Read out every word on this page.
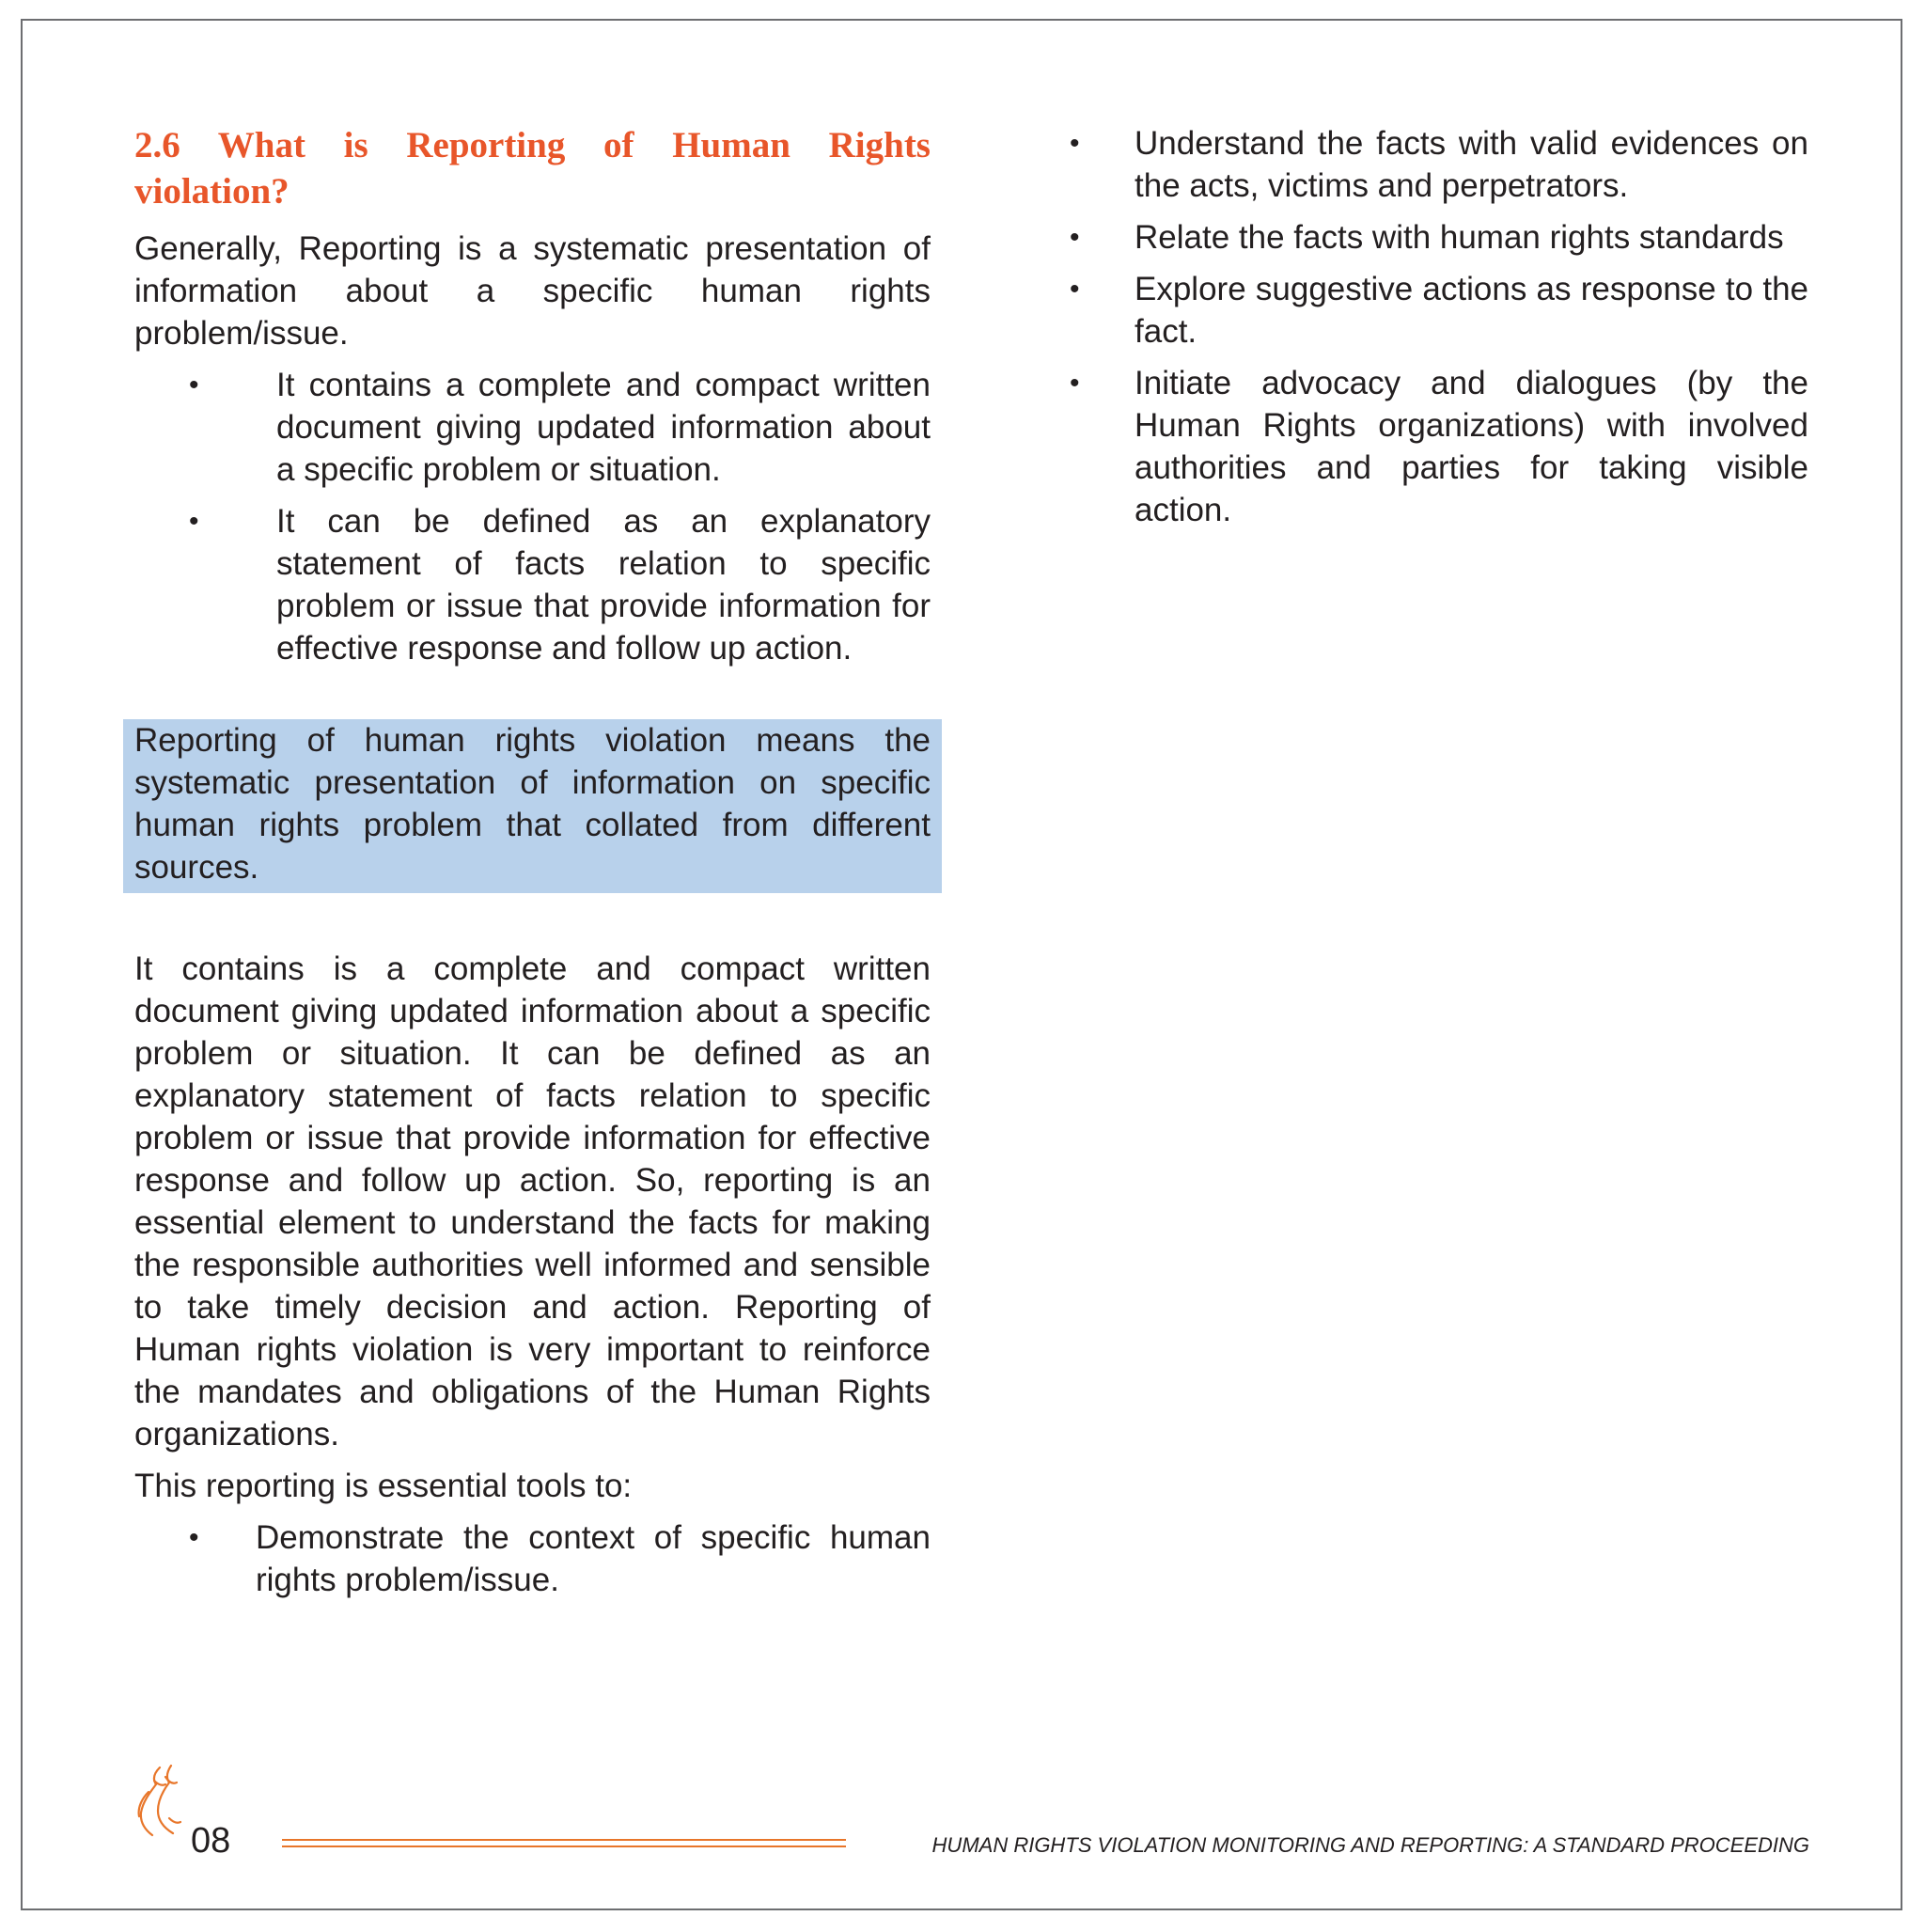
2.6 What is Reporting of Human Rights
violation?

Generally, Reporting is a systematic presentation of information about a specific human rights problem/issue.

• It contains a complete and compact written document giving updated information about a specific problem or situation.
• It can be defined as an explanatory statement of facts relation to specific problem or issue that provide information for effective response and follow up action.

Reporting of human rights violation means the systematic presentation of information on specific human rights problem that collated from different sources.

It contains is a complete and compact written document giving updated information about a specific problem or situation. It can be defined as an explanatory statement of facts relation to specific problem or issue that provide information for effective response and follow up action. So, reporting is an essential element to understand the facts for making the responsible authorities well informed and sensible to take timely decision and action. Reporting of Human rights violation is very important to reinforce the mandates and obligations of the Human Rights organizations.

This reporting is essential tools to:

• Demonstrate the context of specific human rights problem/issue.
• Understand the facts with valid evidences on the acts, victims and perpetrators.
• Relate the facts with human rights standards
• Explore suggestive actions as response to the fact.
• Initiate advocacy and dialogues (by the Human Rights organizations) with involved authorities and parties for taking visible action.
08	HUMAN RIGHTS VIOLATION MONITORING AND REPORTING: A STANDARD PROCEEDING
